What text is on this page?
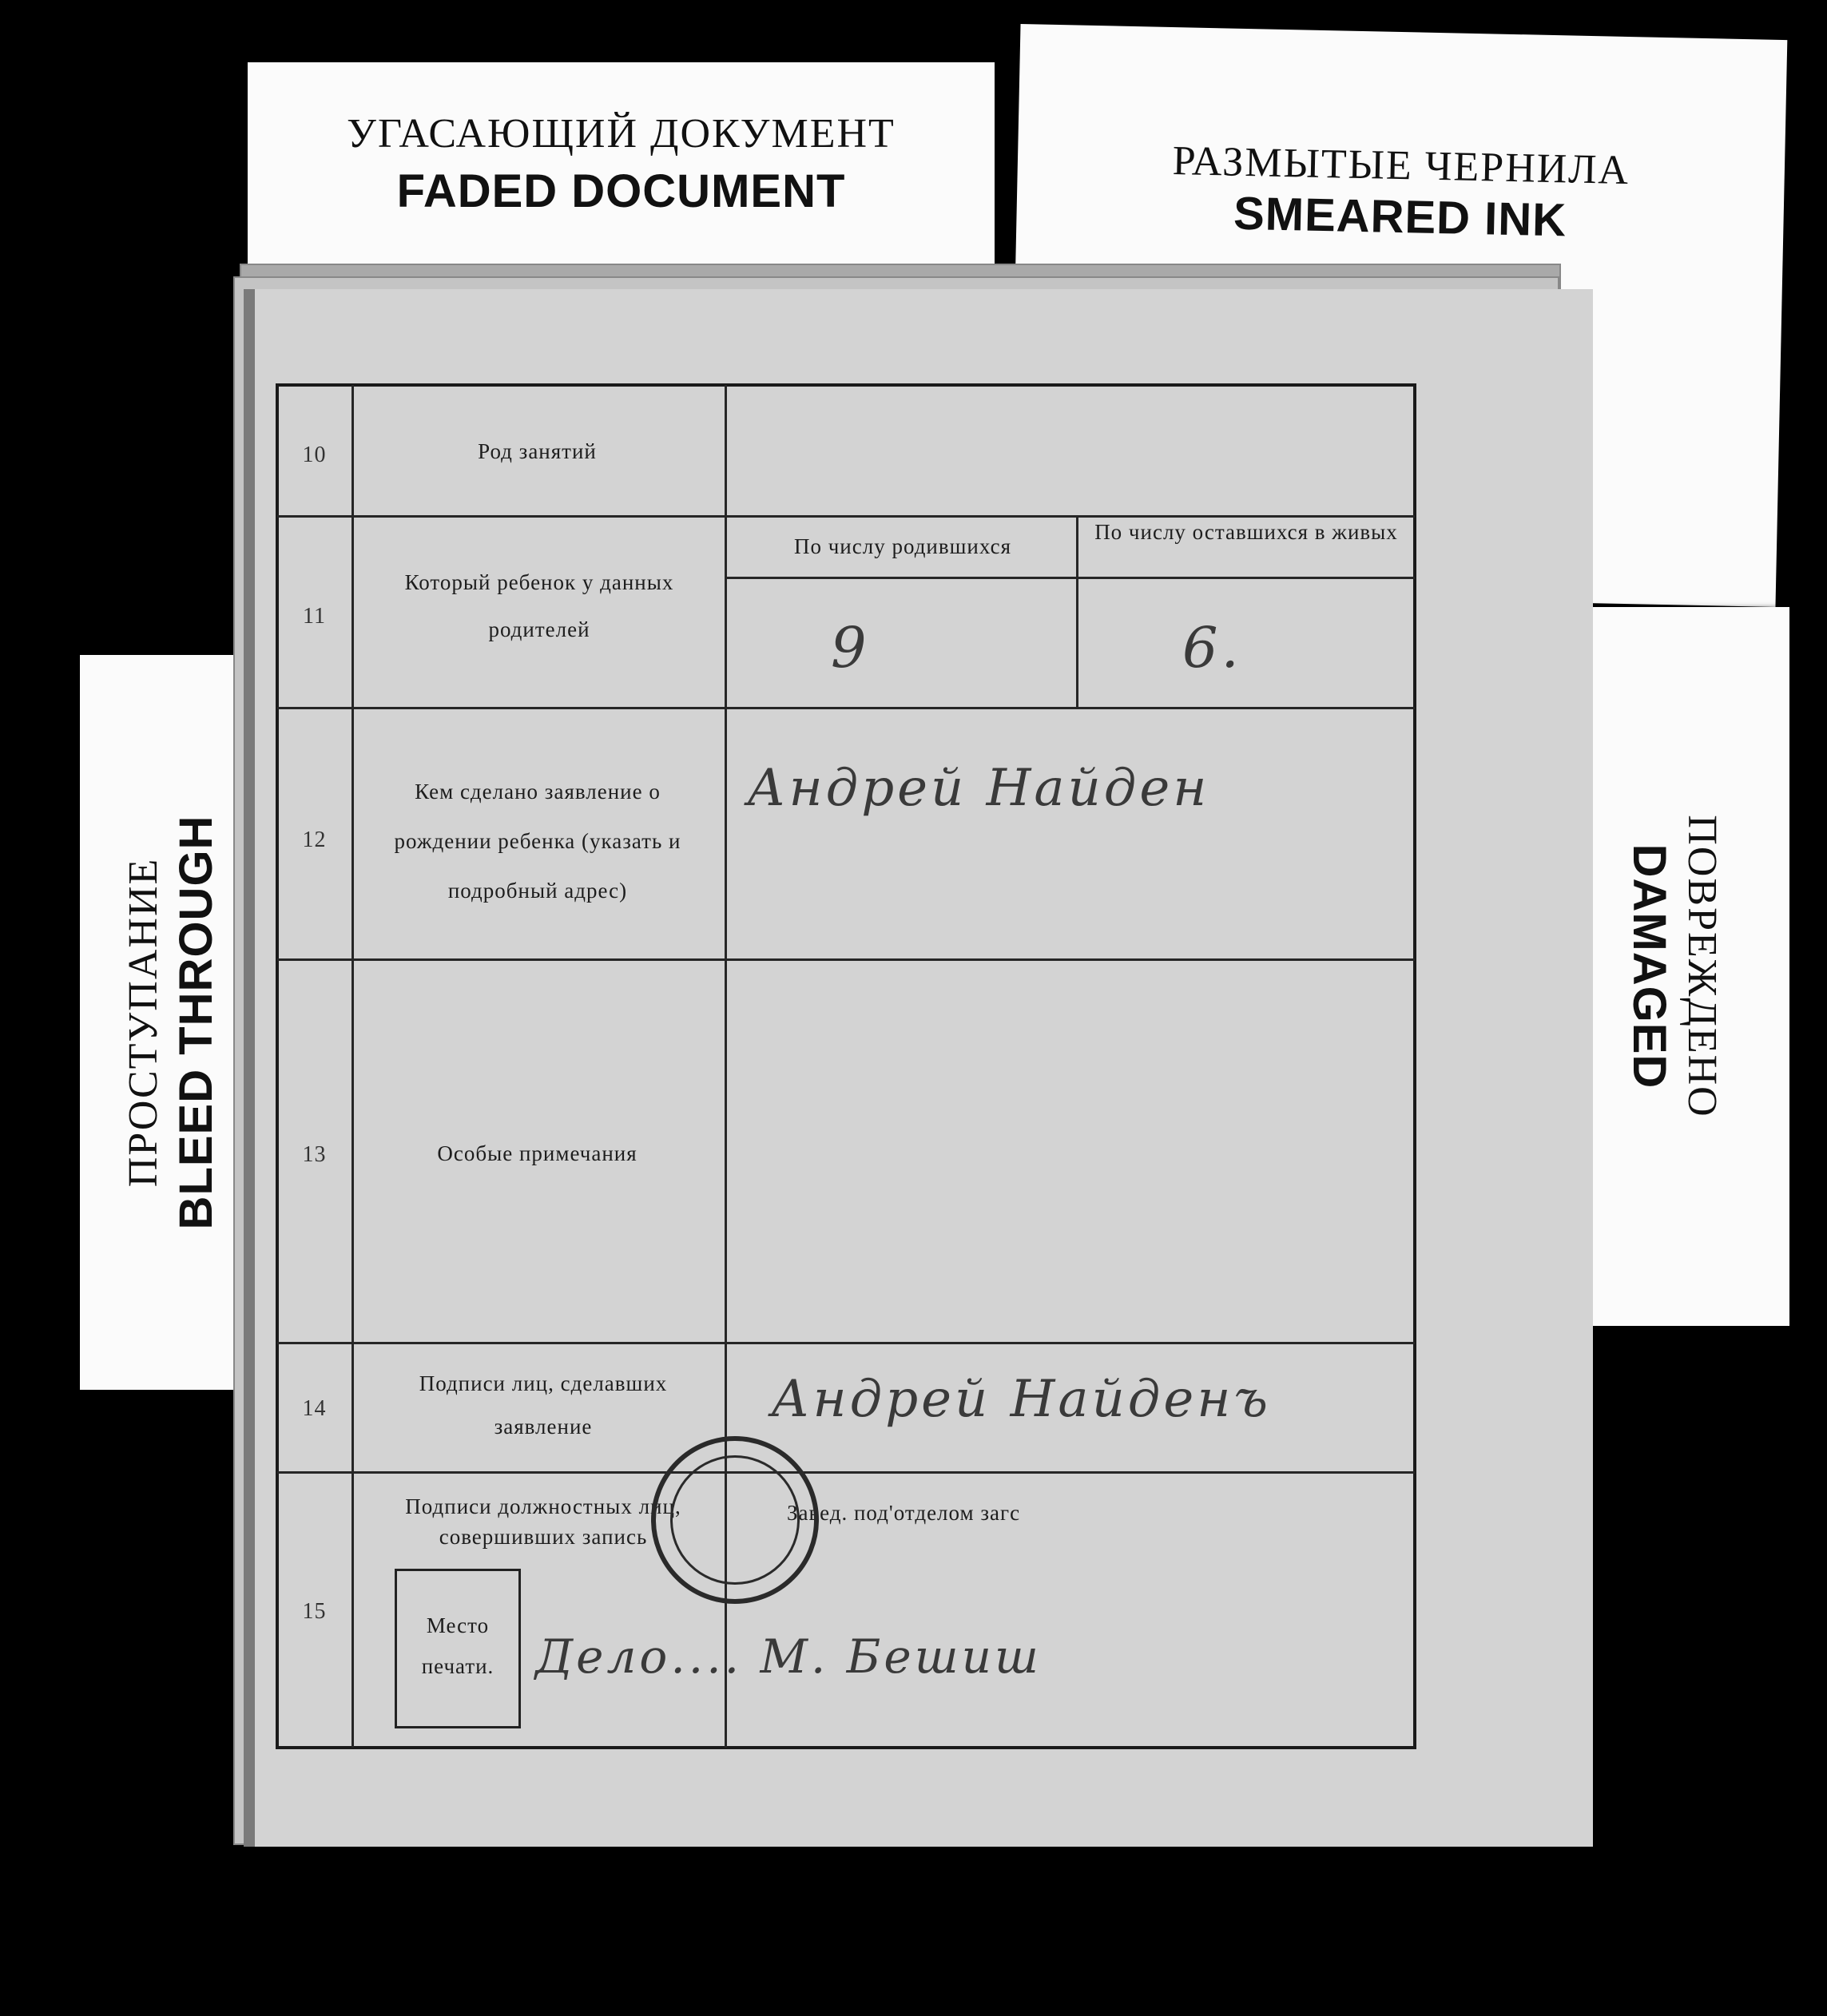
УГАСАЮЩИЙ ДОКУМЕНТ
FADED DOCUMENT	РАЗМЫТЫЕ ЧЕРНИЛА
SMEARED INK
ПОВРЕЖДЕНО
DAMAGED
ПРОСТУПАНИЕ BLEED THROUGH
10
11
12
13
14
15
Род занятий
Который ребенок у данных родителей
Кем сделано заявление о рождении ребенка (указать и подробный адрес)
Особые примечания
Подписи лиц, сделавших заявление
Подписи должностных лиц, совершивших запись
По числу родившихся
По числу оставшихся в живых
9	6.
Андрей Найден
Андрей Найденъ
Завед. под'отделом загс
Дело.... М. Бешиш
Место печати.
